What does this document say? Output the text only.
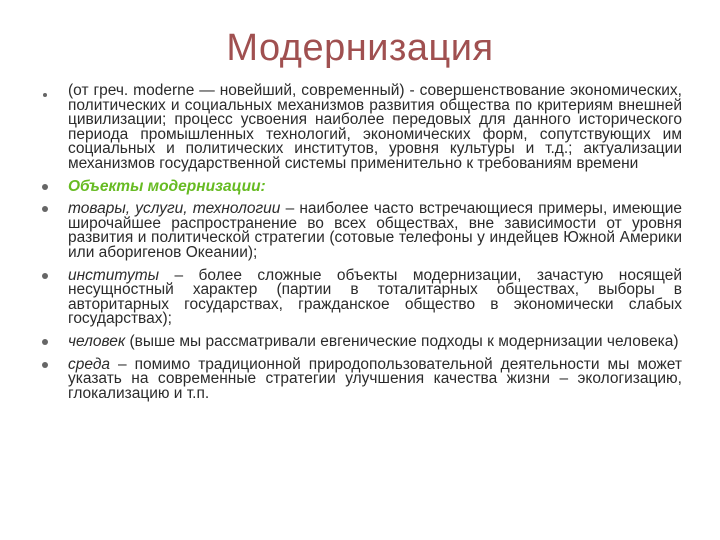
Модернизация
(от греч. moderne — новейший, современный) - совершенствование экономических, политических и социальных механизмов развития общества по критериям внешней цивилизации; процесс усвоения наиболее передовых для данного исторического периода промышленных технологий, экономических форм, сопутствующих им социальных и политических институтов, уровня культуры и т.д.; актуализации механизмов государственной системы применительно к требованиям времени
Объекты модернизации:
товары, услуги, технологии – наиболее часто встречающиеся примеры, имеющие широчайшее распространение во всех обществах, вне зависимости от уровня развития и политической стратегии (сотовые телефоны у индейцев Южной Америки или аборигенов Океании);
институты – более сложные объекты модернизации, зачастую носящей несущностный характер (партии в тоталитарных обществах, выборы в авторитарных государствах, гражданское общество в экономически слабых государствах);
человек (выше мы рассматривали евгенические подходы к модернизации человека)
среда – помимо традиционной природопользовательной деятельности мы может указать на современные стратегии улучшения качества жизни – экологизацию, глокализацию и т.п.
